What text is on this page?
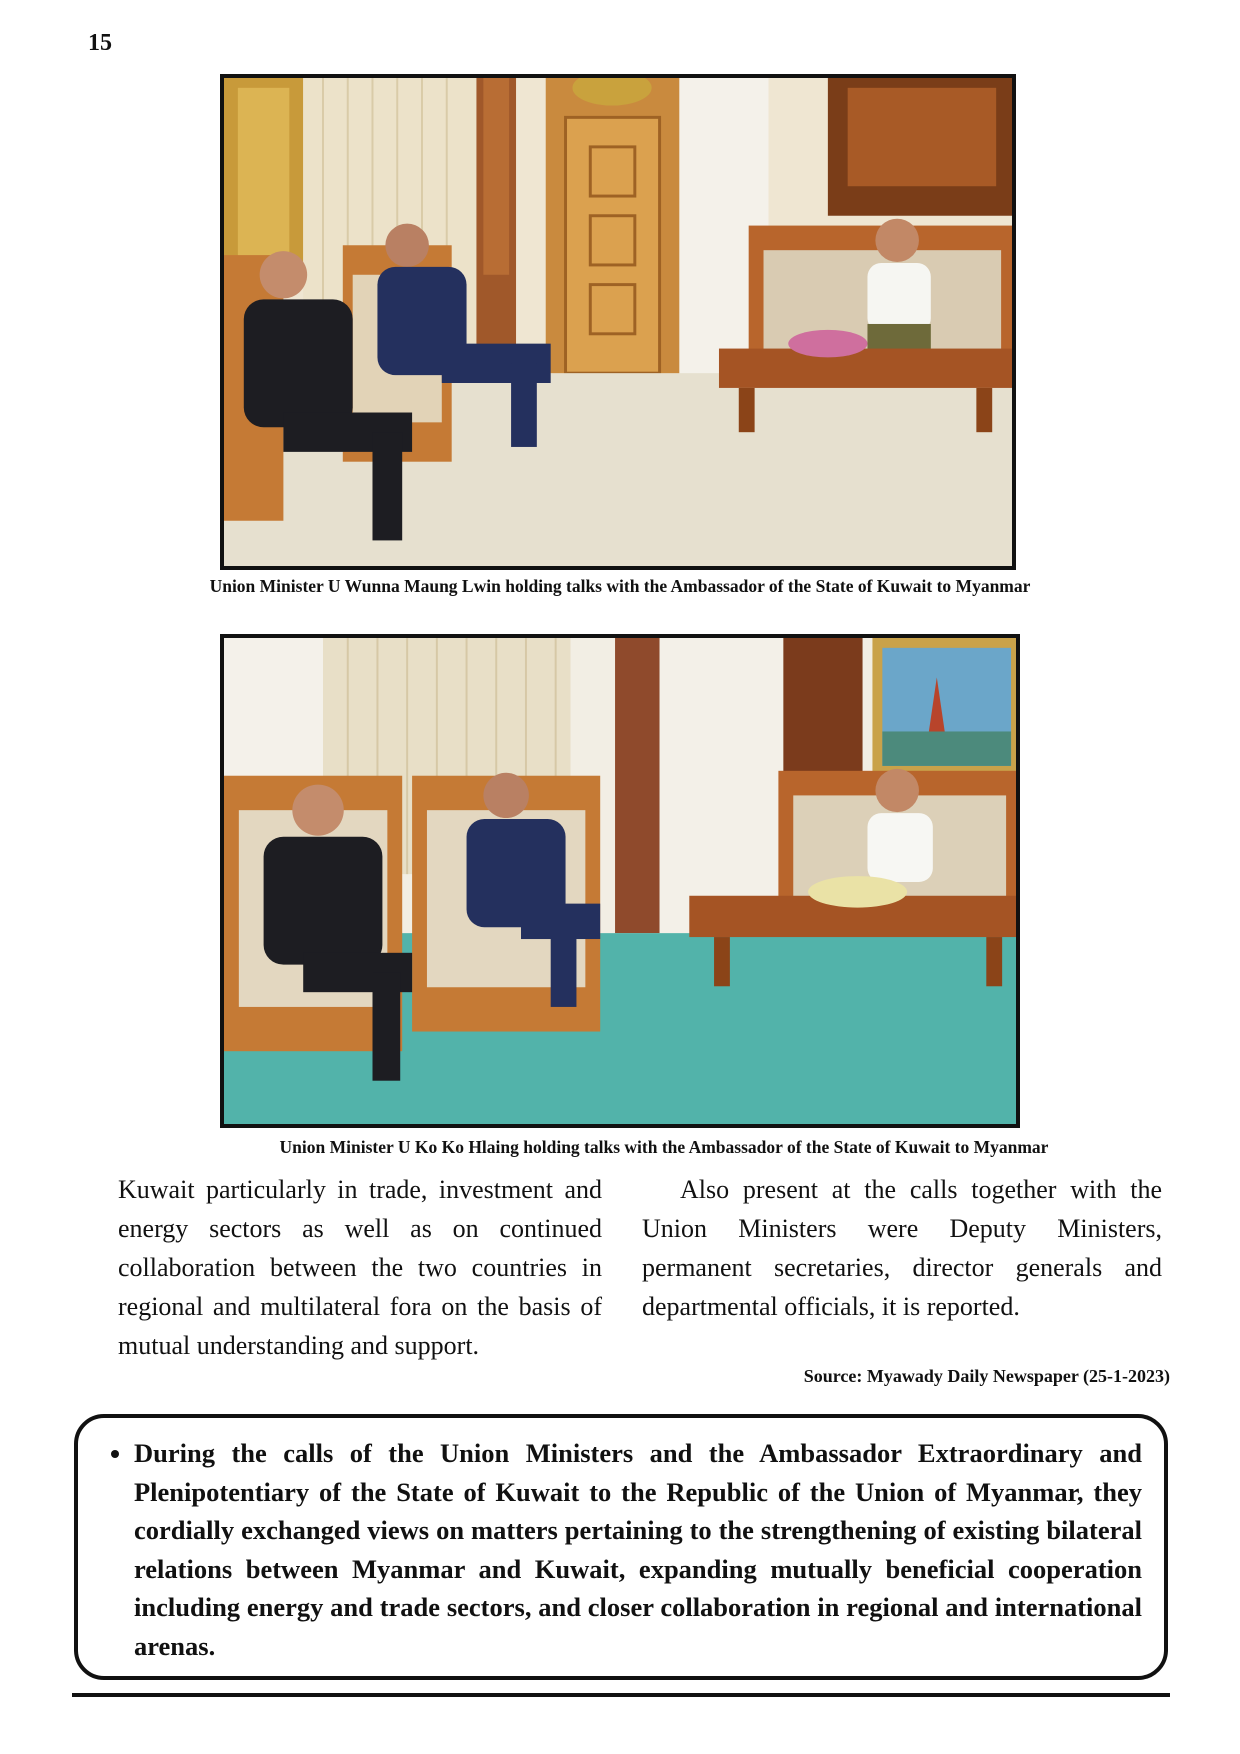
15
Union Minister U Wunna Maung Lwin holding talks with the Ambassador of the State of Kuwait to Myanmar
Union Minister U Ko Ko Hlaing holding talks with the Ambassador of the State of Kuwait to Myanmar

Kuwait particularly in trade, investment and energy sectors as well as on continued collaboration between the two countries in regional and multilateral fora on the basis of mutual understanding and support.

Also present at the calls together with the Union Ministers were Deputy Ministers, permanent secretaries, director generals and departmental officials, it is reported.

Source: Myawady Daily Newspaper (25-1-2023)
• During the calls of the Union Ministers and the Ambassador Extraordinary and Plenipotentiary of the State of Kuwait to the Republic of the Union of Myanmar, they cordially exchanged views on matters pertaining to the strengthening of existing bilateral relations between Myanmar and Kuwait, expanding mutually beneficial cooperation including energy and trade sectors, and closer collaboration in regional and international arenas.
